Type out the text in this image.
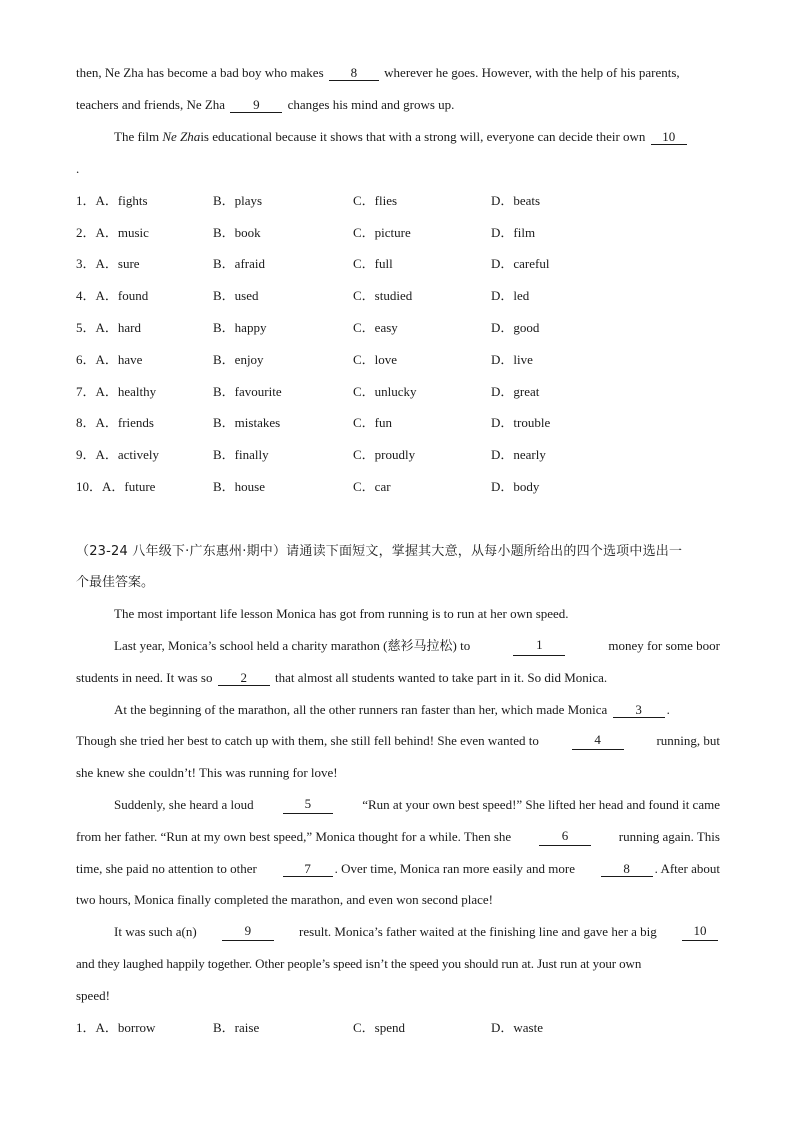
then, Ne Zha has become a bad boy who makes 8 wherever he goes. However, with the help of his parents,
teachers and friends, Ne Zha 9 changes his mind and grows up.
The film Ne Zhais educational because it shows that with a strong will, everyone can decide their own 10
.
1．A．fights	B．plays	C．flies	D．beats
2．A．music	B．book	C．picture	D．film
3．A．sure	B．afraid	C．full	D．careful
4．A．found	B．used	C．studied	D．led
5．A．hard	B．happy	C．easy	D．good
6．A．have	B．enjoy	C．love	D．live
7．A．healthy	B．favourite	C．unlucky	D．great
8．A．friends	B．mistakes	C．fun	D．trouble
9．A．actively	B．finally	C．proudly	D．nearly
10．A．future	B．house	C．car	D．body
（23-24 八年级下·广东惠州·期中）请通读下面短文，掌握其大意，从每小题所给出的四个选项中选出一
个最佳答案。
The most important life lesson Monica has got from running is to run at her own speed.
Last year, Monica’s school held a charity marathon (慈衫马拉松) to	1	money for some boor
students in need. It was so 2 that almost all students wanted to take part in it. So did Monica.
At the beginning of the marathon, all the other runners ran faster than her, which made Monica 3 .
Though she tried her best to catch up with them, she still fell behind! She even wanted to	4	running, but
she knew she couldn’t! This was running for love!
Suddenly, she heard a loud	5	“Run at your own best speed!” She lifted her head and found it came
from her father. “Run at my own best speed,” Monica thought for a while. Then she	6	running again. This
time, she paid no attention to other	7 . Over time, Monica ran more easily and more	8 . After about
two hours, Monica finally completed the marathon, and even won second place!
It was such a(n)	9	result. Monica’s father waited at the finishing line and gave her a big	10
and they laughed happily together. Other people’s speed isn’t the speed you should run at. Just run at your own
speed!
1．A．borrow	B．raise	C．spend	D．waste
